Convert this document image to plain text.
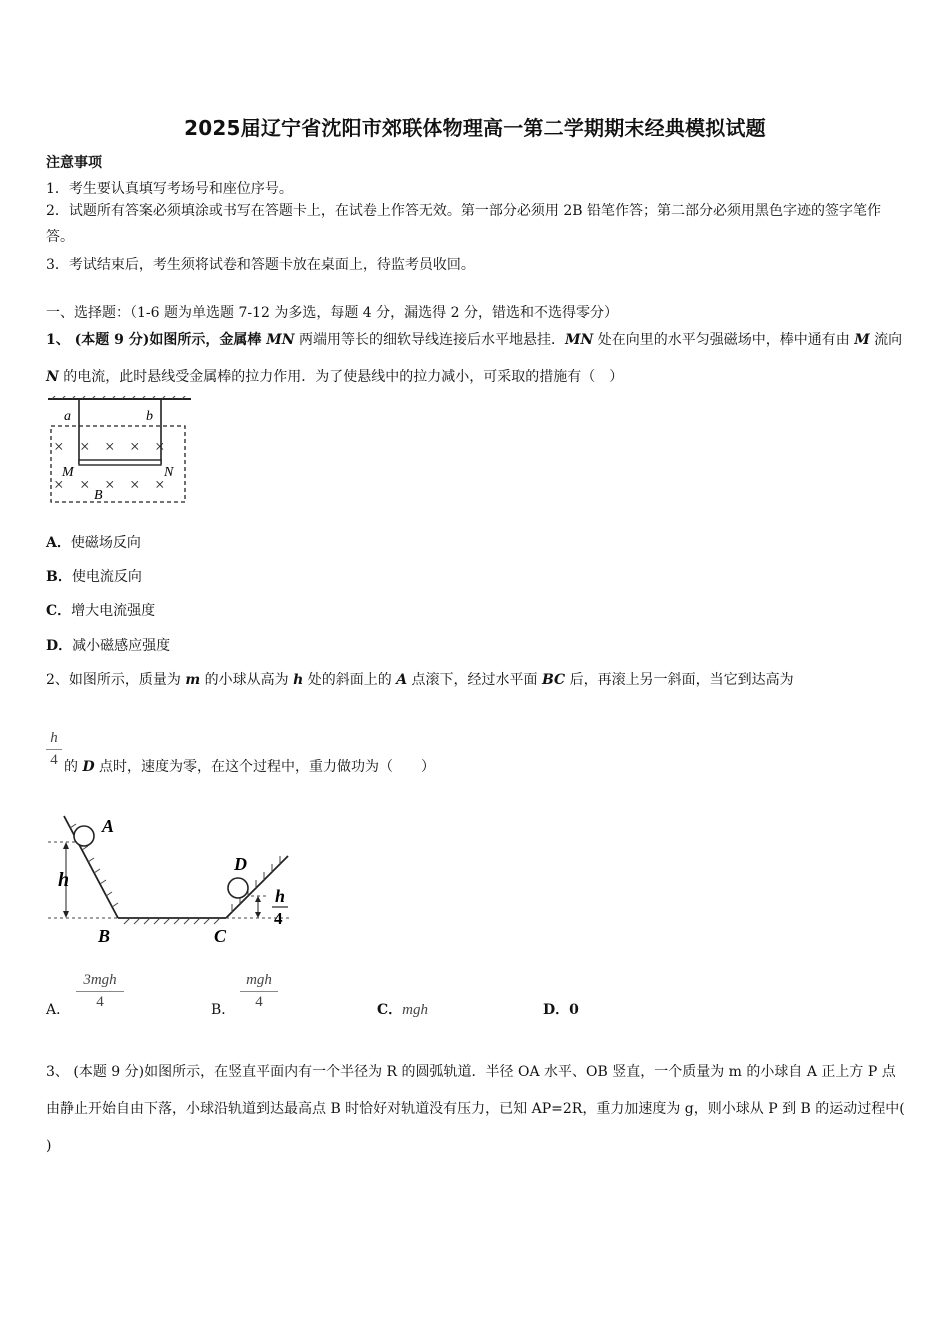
2025届辽宁省沈阳市郊联体物理高一第二学期期末经典模拟试题
注意事项
1．考生要认真填写考场号和座位序号。
2．试题所有答案必须填涂或书写在答题卡上，在试卷上作答无效。第一部分必须用 2B 铅笔作答；第二部分必须用黑色字迹的签字笔作答。
3．考试结束后，考生须将试卷和答题卡放在桌面上，待监考员收回。
一、选择题：（1-6 题为单选题 7-12 为多选，每题 4 分，漏选得 2 分，错选和不选得零分）
1、 (本题 9 分)如图所示，金属棒 MN 两端用等长的细软导线连接后水平地悬挂．MN 处在向里的水平匀强磁场中，棒中通有由 M 流向 N 的电流，此时悬线受金属棒的拉力作用．为了使悬线中的拉力减小，可采取的措施有（　）
a	b
× × × × ×
× × × × ×
M	N
B
A．使磁场反向
B．使电流反向
C．增大电流强度
D．减小磁感应强度
2、如图所示，质量为 m 的小球从高为 h 处的斜面上的 A 点滚下，经过水平面 BC 后，再滚上另一斜面，当它到达高为
$\frac{h}{4}$ 的 D 点时，速度为零，在这个过程中，重力做功为（　　）
A
h
B	C
D
h
4
A．
3mgh
4	B．
mgh
4	C．mgh	D．0
3、 (本题 9 分)如图所示，在竖直平面内有一个半径为 R 的圆弧轨道．半径 OA 水平、OB 竖直，一个质量为 m 的小球自 A 正上方 P 点由静止开始自由下落，小球沿轨道到达最高点 B 时恰好对轨道没有压力，已知 AP=2R，重力加速度为 g，则小球从 P 到 B 的运动过程中( )
